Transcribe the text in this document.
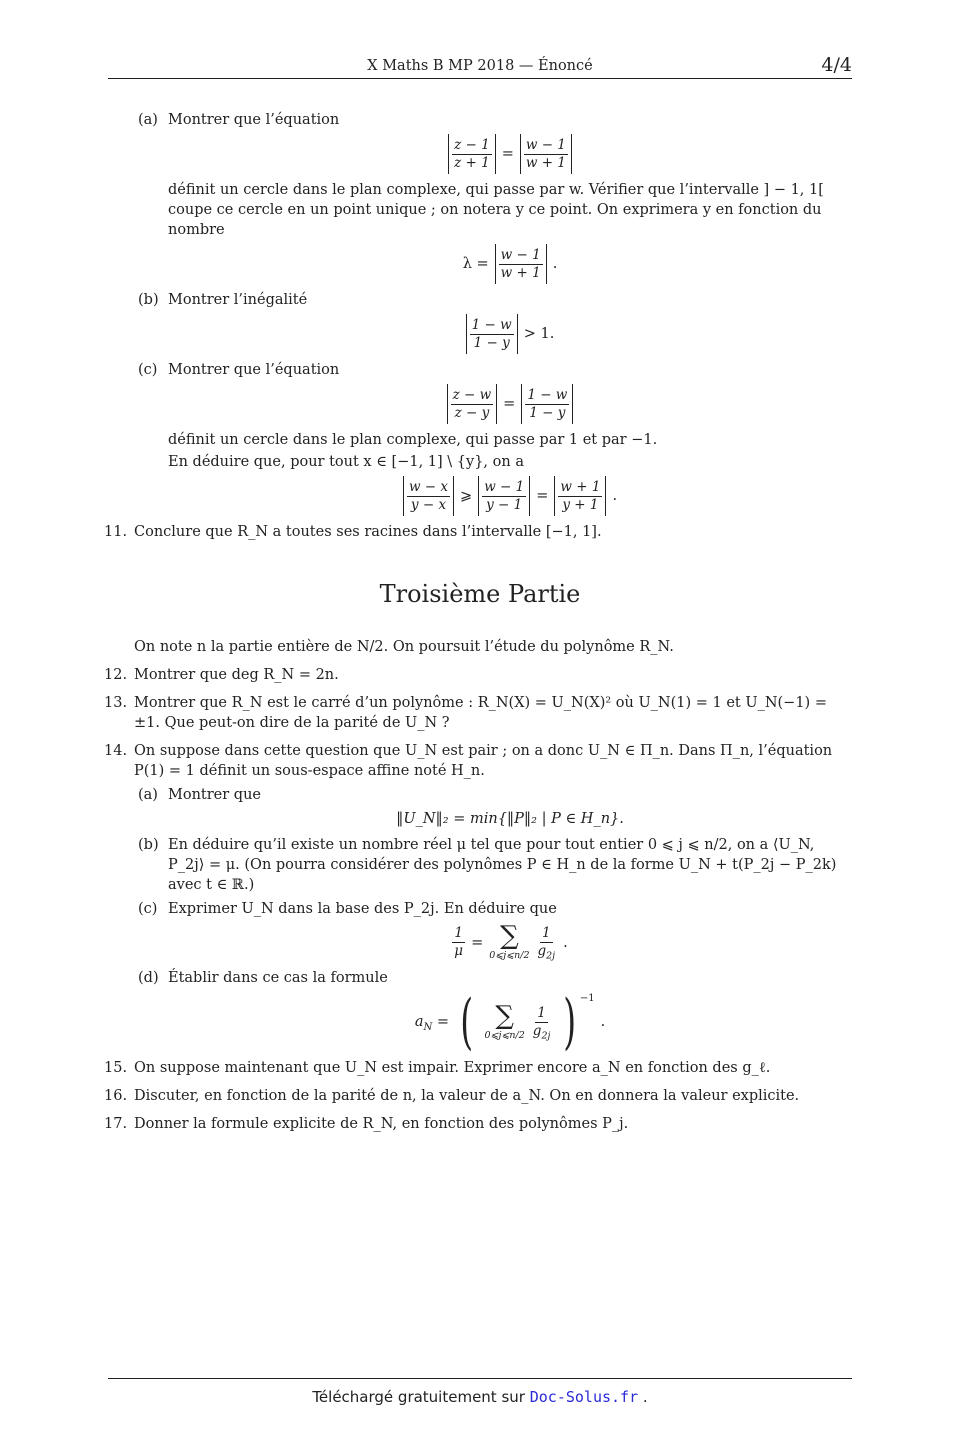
X Maths B MP 2018 — Énoncé	4/4
(a) Montrer que l’équation
$\frac{z - 1}{z + 1} = \frac{w - 1}{w + 1}$
définit un cercle dans le plan complexe, qui passe par w. Vérifier que l’intervalle ] − 1, 1[ coupe ce cercle en un point unique ; on notera y ce point. On exprimera y en fonction du nombre
$\lambda = \frac{w - 1}{w + 1}$ .
(b) Montrer l’inégalité
$\frac{1 - w}{1 - y} > 1$.
(c) Montrer que l’équation
$\frac{z - w}{z - y} = \frac{1 - w}{1 - y}$
définit un cercle dans le plan complexe, qui passe par 1 et par −1.
En déduire que, pour tout x ∈ [−1, 1] \ {y}, on a
$\frac{w - x}{y - x}$ ⩾ $\frac{w - 1}{y - 1} = \frac{w + 1}{y + 1}$ .
11. Conclure que R_N a toutes ses racines dans l’intervalle [−1, 1].
Troisième Partie
On note n la partie entière de N/2. On poursuit l’étude du polynôme R_N.
12. Montrer que deg R_N = 2n.
13. Montrer que R_N est le carré d’un polynôme : R_N(X) = U_N(X)² où U_N(1) = 1 et U_N(−1) = ±1. Que peut-on dire de la parité de U_N ?
14. On suppose dans cette question que U_N est pair ; on a donc U_N ∈ Π_n. Dans Π_n, l’équation P(1) = 1 définit un sous-espace affine noté H_n.
(a) Montrer que
‖U_N‖₂ = min{‖P‖₂ | P ∈ H_n}.
(b) En déduire qu’il existe un nombre réel μ tel que pour tout entier 0 ⩽ j ⩽ n/2, on a ⟨U_N, P_2j⟩ = μ. (On pourra considérer des polynômes P ∈ H_n de la forme U_N + t(P_2j − P_2k) avec t ∈ ℝ.)
(c) Exprimer U_N dans la base des P_2j. En déduire que
$\frac{1}{\mu}$ = ∑
0⩽j⩽n/2 $\frac{1}{g_{2j}}$ .
(d) Établir dans ce cas la formule
$a_N$ = ( ∑
0⩽j⩽n/2 $\frac{1}{g_{2j}}$ ) −1
.
15. On suppose maintenant que U_N est impair. Exprimer encore a_N en fonction des g_ℓ.
16. Discuter, en fonction de la parité de n, la valeur de a_N. On en donnera la valeur explicite.
17. Donner la formule explicite de R_N, en fonction des polynômes P_j.
Téléchargé gratuitement sur Doc-Solus.fr .
